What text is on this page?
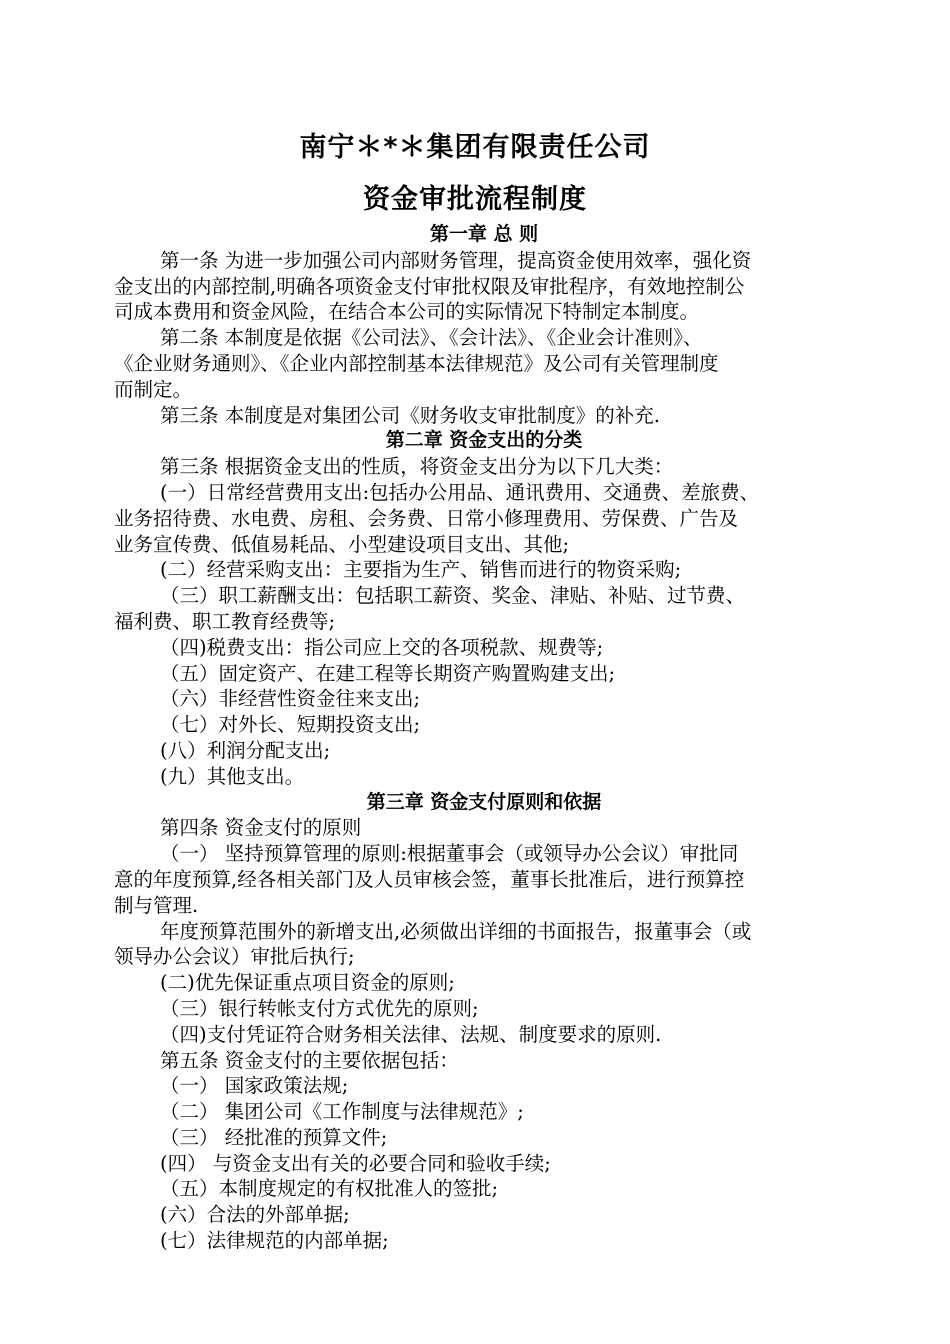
南宁＊*＊集团有限责任公司
资金审批流程制度

第一章 总 则

第一条 为进一步加强公司内部财务管理，提高资金使用效率，强化资

金支出的内部控制,明确各项资金支付审批权限及审批程序，有效地控制公

司成本费用和资金风险，在结合本公司的实际情况下特制定本制度。

第二条 本制度是依据《公司法》、《会计法》、《企业会计准则》、

《企业财务通则》、《企业内部控制基本法律规范》及公司有关管理制度

而制定。

第三条 本制度是对集团公司《财务收支审批制度》的补充.

第二章 资金支出的分类

第三条 根据资金支出的性质，将资金支出分为以下几大类：

(一）日常经营费用支出:包括办公用品、通讯费用、交通费、差旅费、

业务招待费、水电费、房租、会务费、日常小修理费用、劳保费、广告及

业务宣传费、低值易耗品、小型建设项目支出、其他;

(二）经营采购支出：主要指为生产、销售而进行的物资采购;

（三）职工薪酬支出：包括职工薪资、奖金、津贴、补贴、过节费、

福利费、职工教育经费等;

（四)税费支出：指公司应上交的各项税款、规费等;

（五）固定资产、在建工程等长期资产购置购建支出;

（六）非经营性资金往来支出;

（七）对外长、短期投资支出;

(八）利润分配支出;

(九）其他支出。

第三章 资金支付原则和依据

第四条 资金支付的原则

（一） 坚持预算管理的原则:根据董事会（或领导办公会议）审批同

意的年度预算,经各相关部门及人员审核会签，董事长批准后，进行预算控

制与管理.

年度预算范围外的新增支出,必须做出详细的书面报告，报董事会（或

领导办公会议）审批后执行;

(二)优先保证重点项目资金的原则;

（三）银行转帐支付方式优先的原则;

（四)支付凭证符合财务相关法律、法规、制度要求的原则.

第五条 资金支付的主要依据包括：

（一） 国家政策法规;

（二） 集团公司《工作制度与法律规范》;

（三） 经批准的预算文件;

(四） 与资金支出有关的必要合同和验收手续;

（五）本制度规定的有权批准人的签批;

(六）合法的外部单据;

(七）法律规范的内部单据;
